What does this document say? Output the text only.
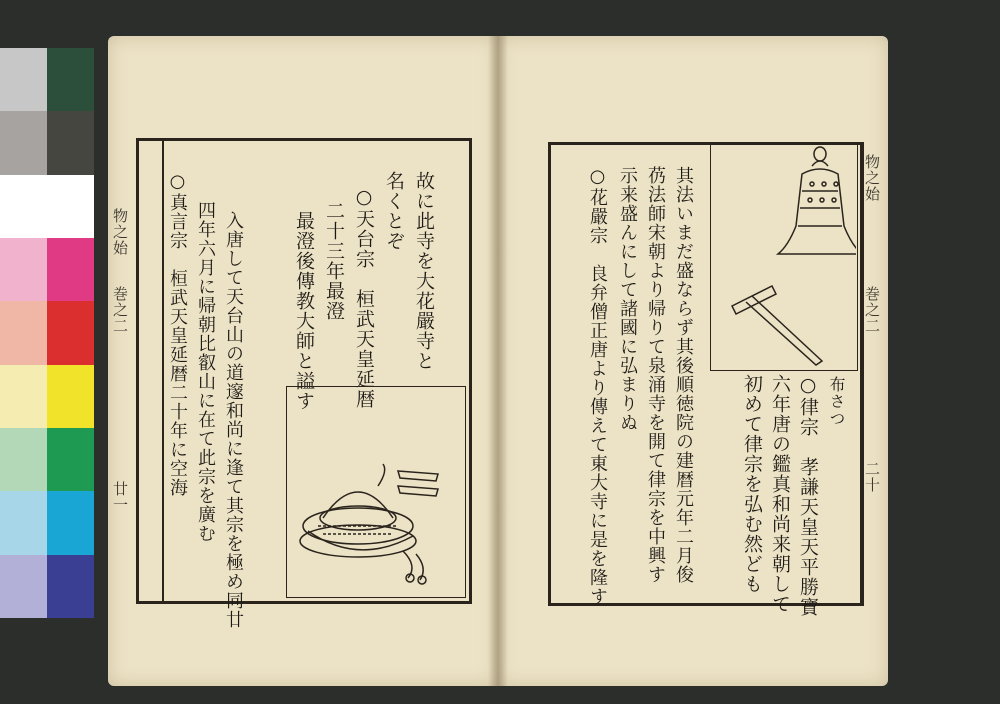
物之始
巻之二
廿一
故に此寺を大花嚴寺と
名くとぞ
○天台宗　桓武天皇延暦
二十三年最澄
最澄後傳教大師と謚す
入唐して天台山の道邃和尚に逢て其宗を極め同廿
四年六月に帰朝比叡山に在て此宗を廣む
○真言宗　桓武天皇延暦二十年に空海	物之始
巻之二
二十
布さつ
○律宗　孝謙天皇天平勝寶
六年唐の鑑真和尚来朝して
初めて律宗を弘む然ども
其法いまだ盛ならず其後順徳院の建暦元年二月俊
芿法師宋朝より帰りて泉涌寺を開て律宗を中興す
示来盛んにして諸國に弘まりぬ
○花嚴宗　良弁僧正唐より傳えて東大寺に是を隆す
